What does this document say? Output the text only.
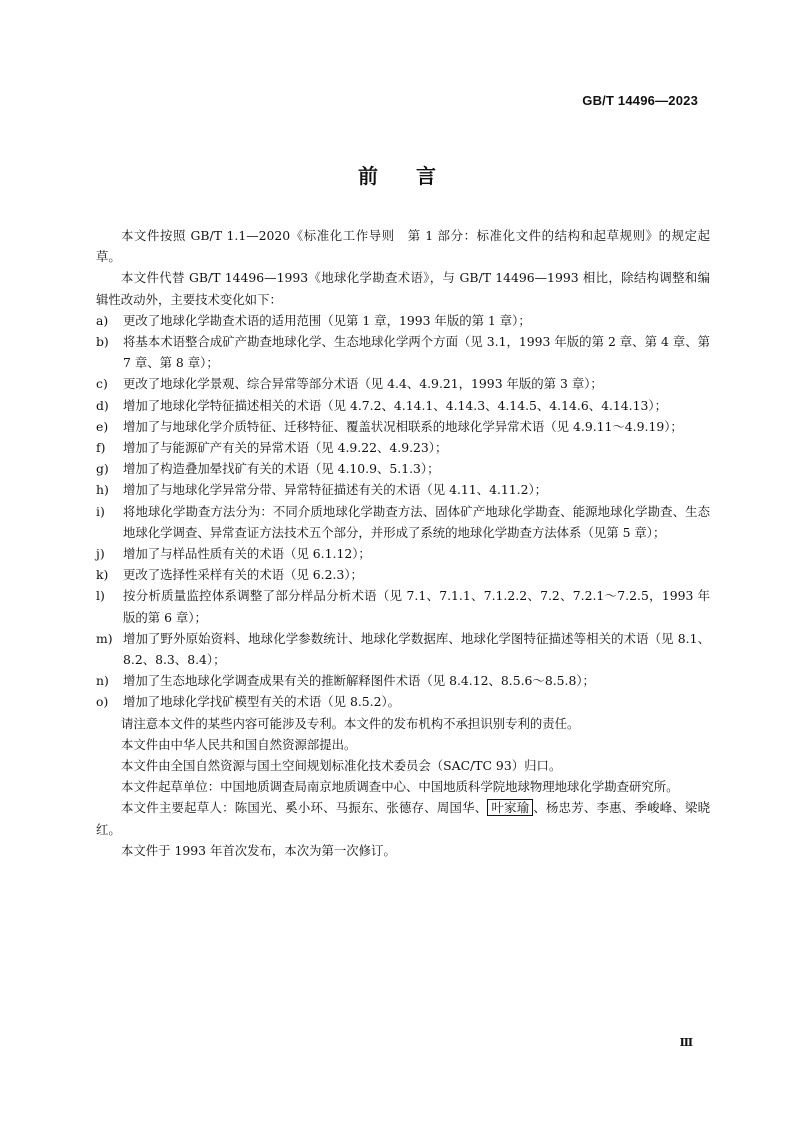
GB/T 14496—2023
前言

本文件按照 GB/T 1.1—2020《标准化工作导则　第 1 部分：标准化文件的结构和起草规则》的规定起草。

本文件代替 GB/T 14496—1993《地球化学勘查术语》，与 GB/T 14496—1993 相比，除结构调整和编辑性改动外，主要技术变化如下：

a)	更改了地球化学勘查术语的适用范围（见第 1 章，1993 年版的第 1 章）；
b)	将基本术语整合成矿产勘查地球化学、生态地球化学两个方面（见 3.1，1993 年版的第 2 章、第 4 章、第 7 章、第 8 章）；
c)	更改了地球化学景观、综合异常等部分术语（见 4.4、4.9.21，1993 年版的第 3 章）；
d)	增加了地球化学特征描述相关的术语（见 4.7.2、4.14.1、4.14.3、4.14.5、4.14.6、4.14.13）；
e)	增加了与地球化学介质特征、迁移特征、覆盖状况相联系的地球化学异常术语（见 4.9.11～4.9.19）；
f)	增加了与能源矿产有关的异常术语（见 4.9.22、4.9.23）；
g)	增加了构造叠加晕找矿有关的术语（见 4.10.9、5.1.3）；
h)	增加了与地球化学异常分带、异常特征描述有关的术语（见 4.11、4.11.2）；
i)	将地球化学勘查方法分为：不同介质地球化学勘查方法、固体矿产地球化学勘查、能源地球化学勘查、生态地球化学调查、异常查证方法技术五个部分，并形成了系统的地球化学勘查方法体系（见第 5 章）；
j)	增加了与样品性质有关的术语（见 6.1.12）；
k)	更改了选择性采样有关的术语（见 6.2.3）；
l)	按分析质量监控体系调整了部分样品分析术语（见 7.1、7.1.1、7.1.2.2、7.2、7.2.1～7.2.5，1993 年版的第 6 章）；
m) 增加了野外原始资料、地球化学参数统计、地球化学数据库、地球化学图特征描述等相关的术语（见 8.1、8.2、8.3、8.4）；
n)	增加了生态地球化学调查成果有关的推断解释图件术语（见 8.4.12、8.5.6～8.5.8）；
o)	增加了地球化学找矿模型有关的术语（见 8.5.2）。

请注意本文件的某些内容可能涉及专利。本文件的发布机构不承担识别专利的责任。

本文件由中华人民共和国自然资源部提出。

本文件由全国自然资源与国土空间规划标准化技术委员会（SAC/TC 93）归口。

本文件起草单位：中国地质调查局南京地质调查中心、中国地质科学院地球物理地球化学勘查研究所。

本文件主要起草人：陈国光、奚小环、马振东、张德存、周国华、 叶家瑜 、杨忠芳、李惠、季峻峰、梁晓红。

本文件于 1993 年首次发布，本次为第一次修订。

Ⅲ
